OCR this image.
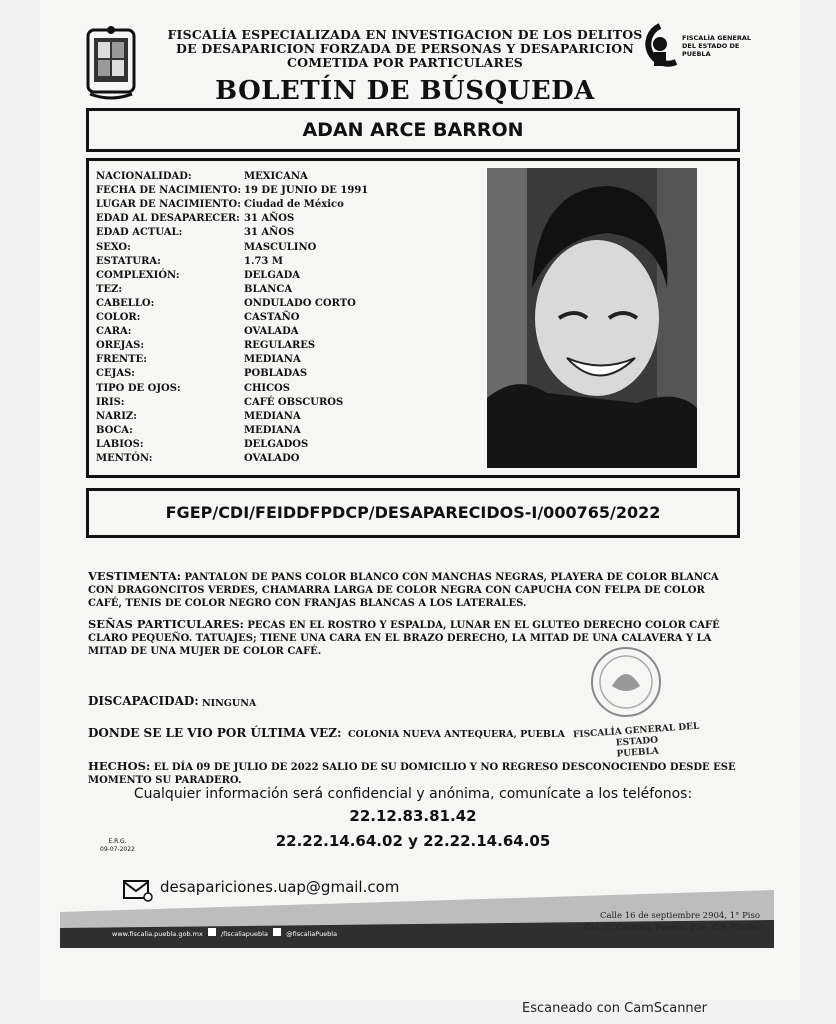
FISCALÍA ESPECIALIZADA EN INVESTIGACION DE LOS DELITOS
DE DESAPARICION FORZADA DE PERSONAS Y DESAPARICION
COMETIDA POR PARTICULARES
BOLETÍN DE BÚSQUEDA
FISCALÍA GENERAL
DEL ESTADO DE
PUEBLA
ADAN ARCE BARRON
NACIONALIDAD:	MEXICANA
FECHA DE NACIMIENTO: 19 DE JUNIO DE 1991
LUGAR DE NACIMIENTO: Ciudad de México
EDAD AL DESAPARECER: 31 AÑOS
EDAD ACTUAL:	31 AÑOS
SEXO:	MASCULINO
ESTATURA:	1.73 M
COMPLEXIÓN:	DELGADA
TEZ:	BLANCA
CABELLO:	ONDULADO CORTO
COLOR:	CASTAÑO
CARA:	OVALADA
OREJAS:	REGULARES
FRENTE:	MEDIANA
CEJAS:	POBLADAS
TIPO DE OJOS:	CHICOS
IRIS:	CAFÉ OBSCUROS
NARIZ:	MEDIANA
BOCA:	MEDIANA
LABIOS:	DELGADOS
MENTÓN:	OVALADO
FGEP/CDI/FEIDDFPDCP/DESAPARECIDOS-I/000765/2022
VESTIMENTA: PANTALON DE PANS COLOR BLANCO CON MANCHAS NEGRAS, PLAYERA DE COLOR BLANCA CON DRAGONCITOS VERDES, CHAMARRA LARGA DE COLOR NEGRA CON CAPUCHA CON FELPA DE COLOR CAFÉ, TENIS DE COLOR NEGRO CON FRANJAS BLANCAS A LOS LATERALES.
SEÑAS PARTICULARES: PECAS EN EL ROSTRO Y ESPALDA, LUNAR EN EL GLUTEO DERECHO COLOR CAFÉ CLARO PEQUEÑO. TATUAJES; TIENE UNA CARA EN EL BRAZO DERECHO, LA MITAD DE UNA CALAVERA Y LA MITAD DE UNA MUJER DE COLOR CAFÉ.
FISCALÍA GENERAL DEL ESTADO
PUEBLA
DISCAPACIDAD: NINGUNA
DONDE SE LE VIO POR ÚLTIMA VEZ: COLONIA NUEVA ANTEQUERA, PUEBLA
HECHOS: EL DÍA 09 DE JULIO DE 2022 SALIO DE SU DOMICILIO Y NO REGRESO DESCONOCIENDO DESDE ESE MOMENTO SU PARADERO.
Cualquier información será confidencial y anónima, comunícate a los teléfonos:
22.12.83.81.42
22.22.14.64.02 y 22.22.14.64.05
E.R.G.
09-07-2022
desapariciones.uap@gmail.com
Calle 16 de septiembre 2904, 1° Piso
Col. El Carmen, Puebla, Pue. C.P. 72530.
www.fiscalia.puebla.gob.mx	/fiscaliapuebla	@fiscaliaPuebla
Escaneado con CamScanner
